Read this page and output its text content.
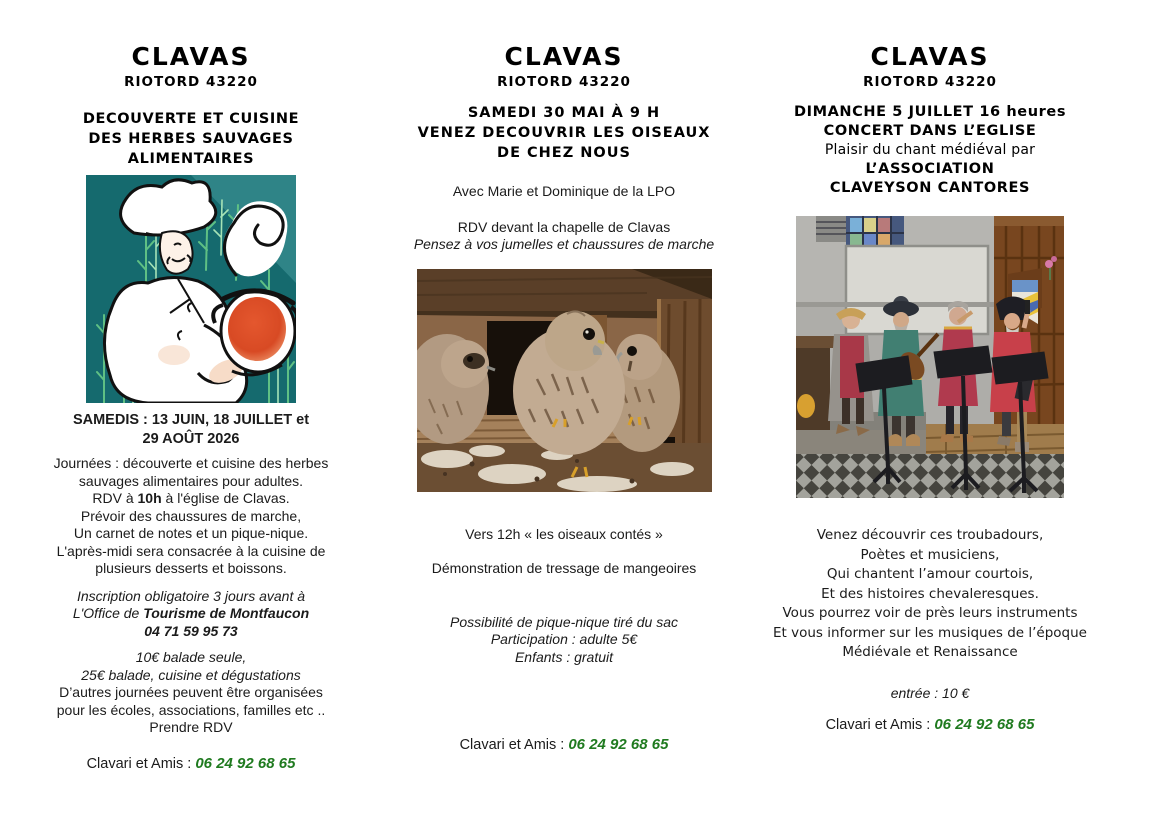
CLAVAS

RIOTORD 43220

DECOUVERTE ET CUISINE

DES HERBES SAUVAGES ALIMENTAIRES

SAMEDIS : 13 JUIN, 18 JUILLET et

29 AOÛT 2026

Journées : découverte et cuisine des herbes

sauvages alimentaires pour adultes.

RDV à 10h à l'église de Clavas.

Prévoir des chaussures de marche,

Un carnet de notes et un pique-nique.

L'après-midi sera consacrée à la cuisine de

plusieurs desserts et boissons.

Inscription obligatoire 3 jours avant à

L'Office de Tourisme de Montfaucon

04 71 59 95 73

10€ balade seule,

25€ balade, cuisine et dégustations

D’autres journées peuvent être organisées

pour les écoles, associations, familles etc ..

Prendre RDV

Clavari et Amis : 06 24 92 68 65

CLAVAS

RIOTORD 43220

SAMEDI 30 MAI À 9 H

VENEZ DECOUVRIR LES OISEAUX

DE CHEZ NOUS

Avec Marie et Dominique de la LPO

RDV devant la chapelle de Clavas

Pensez à vos jumelles et chaussures de marche

Vers 12h « les oiseaux contés »

Démonstration de tressage de mangeoires

Possibilité de pique-nique tiré du sac

Participation : adulte 5€

Enfants : gratuit

Clavari et Amis : 06 24 92 68 65

CLAVAS

RIOTORD 43220

DIMANCHE 5 JUILLET 16 heures

CONCERT DANS L’EGLISE

Plaisir du chant médiéval par

L’ASSOCIATION

CLAVEYSON CANTORES

Venez découvrir ces troubadours,

Poètes et musiciens,

Qui chantent l’amour courtois,

Et des histoires chevaleresques.

Vous pourrez voir de près leurs instruments

Et vous informer sur les musiques de l’époque

Médiévale et Renaissance

entrée : 10 €

Clavari et Amis : 06 24 92 68 65
